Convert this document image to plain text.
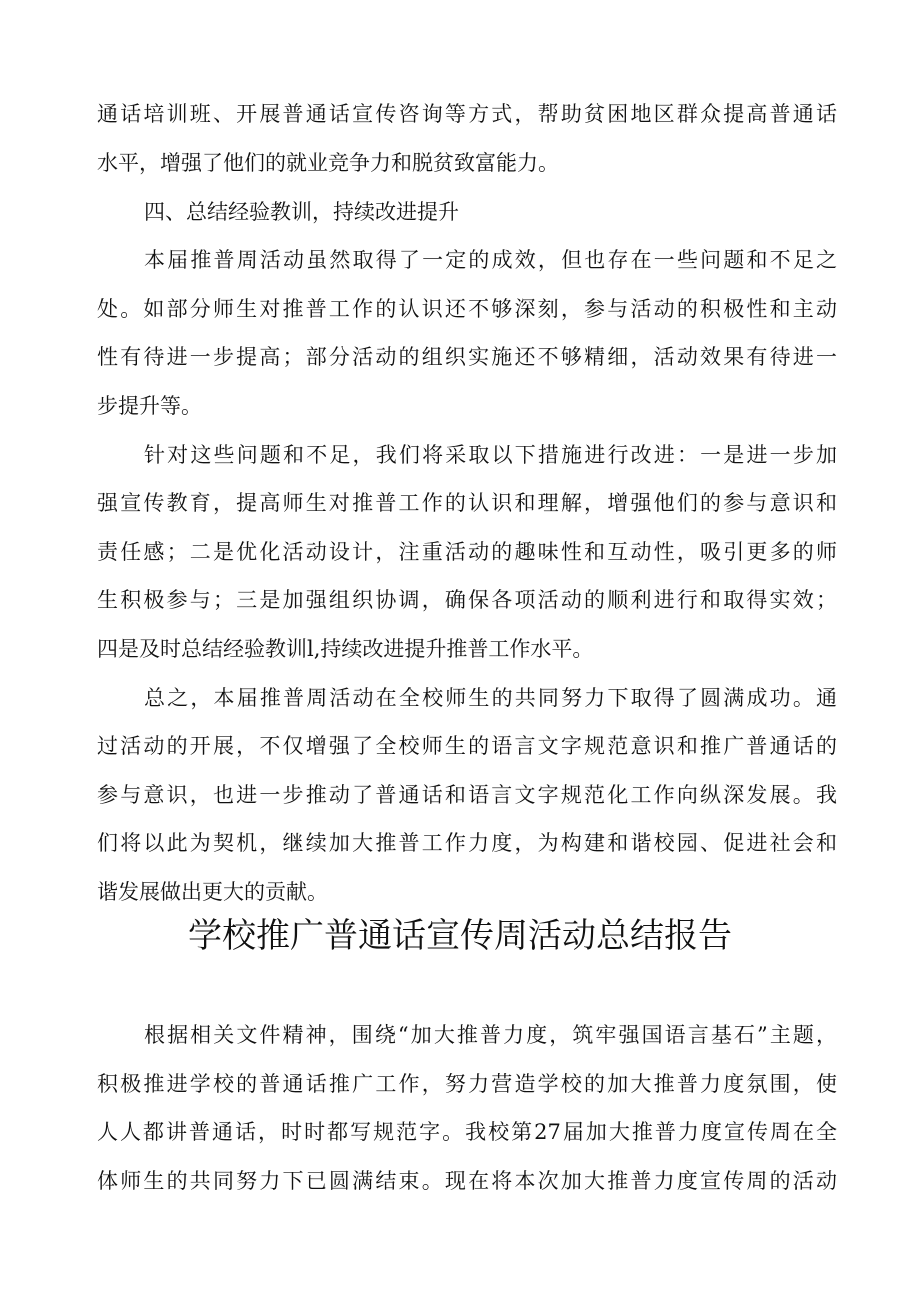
通话培训班、开展普通话宣传咨询等方式，帮助贫困地区群众提高普通话
水平，增强了他们的就业竞争力和脱贫致富能力。
四、总结经验教训，持续改进提升
本届推普周活动虽然取得了一定的成效，但也存在一些问题和不足之
处。如部分师生对推普工作的认识还不够深刻，参与活动的积极性和主动
性有待进一步提高；部分活动的组织实施还不够精细，活动效果有待进一
步提升等。
针对这些问题和不足，我们将采取以下措施进行改进：一是进一步加
强宣传教育，提高师生对推普工作的认识和理解，增强他们的参与意识和
责任感；二是优化活动设计，注重活动的趣味性和互动性，吸引更多的师
生积极参与；三是加强组织协调，确保各项活动的顺利进行和取得实效；
四是及时总结经验教训l,持续改进提升推普工作水平。
总之，本届推普周活动在全校师生的共同努力下取得了圆满成功。通
过活动的开展，不仅增强了全校师生的语言文字规范意识和推广普通话的
参与意识，也进一步推动了普通话和语言文字规范化工作向纵深发展。我
们将以此为契机，继续加大推普工作力度，为构建和谐校园、促进社会和
谐发展做出更大的贡献。
学校推广普通话宣传周活动总结报告
根据相关文件精神，围绕“加大推普力度，筑牢强国语言基石”主题，
积极推进学校的普通话推广工作，努力营造学校的加大推普力度氛围，使
人人都讲普通话，时时都写规范字。我校第27届加大推普力度宣传周在全
体师生的共同努力下已圆满结束。现在将本次加大推普力度宣传周的活动
